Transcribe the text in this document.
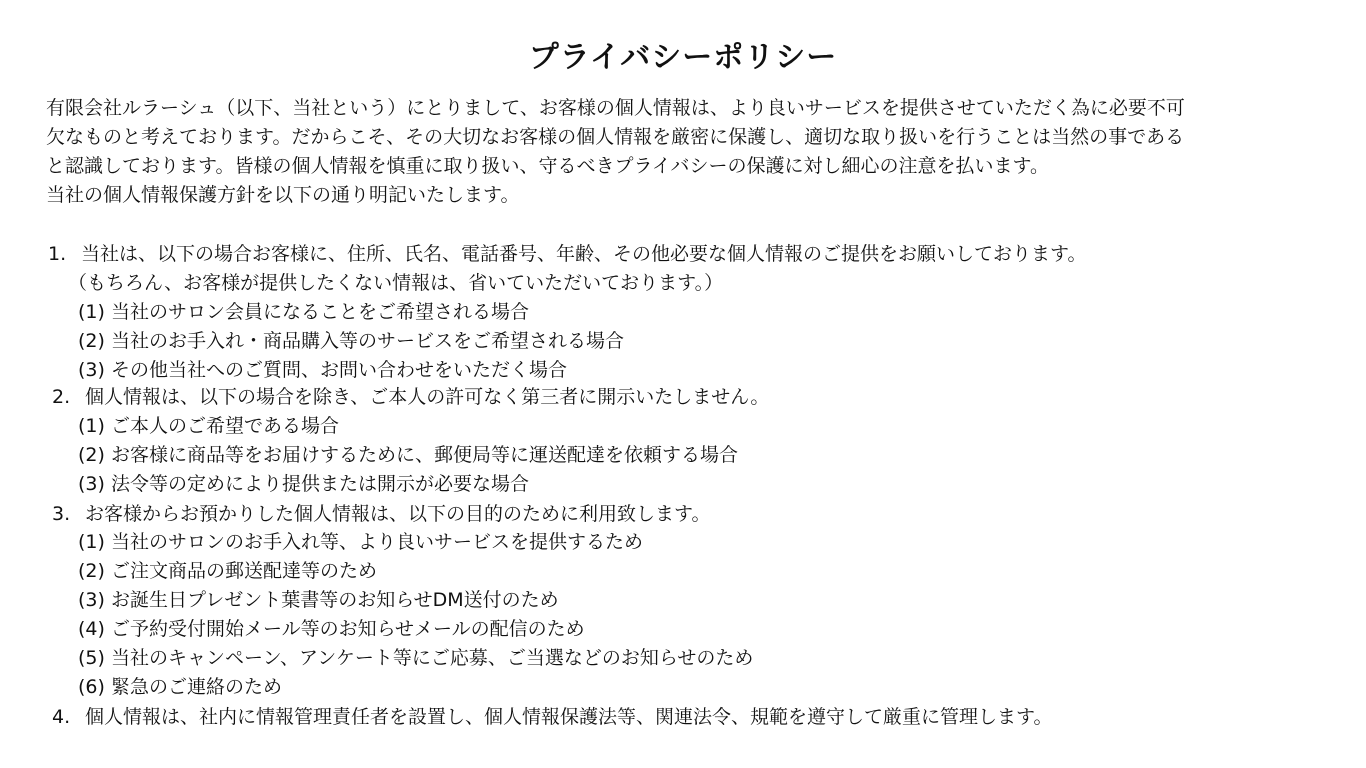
プライバシーポリシー
有限会社ルラーシュ（以下、当社という）にとりまして、お客様の個人情報は、より良いサービスを提供させていただく為に必要不可
欠なものと考えております。だからこそ、その大切なお客様の個人情報を厳密に保護し、適切な取り扱いを行うことは当然の事である
と認識しております。皆様の個人情報を慎重に取り扱い、守るべきプライバシーの保護に対し細心の注意を払います。
当社の個人情報保護方針を以下の通り明記いたします。
1. 当社は、以下の場合お客様に、住所、氏名、電話番号、年齢、その他必要な個人情報のご提供をお願いしております。
（もちろん、お客様が提供したくない情報は、省いていただいております。）
(1) 当社のサロン会員になることをご希望される場合
(2) 当社のお手入れ・商品購入等のサービスをご希望される場合
(3) その他当社へのご質問、お問い合わせをいただく場合
2. 個人情報は、以下の場合を除き、ご本人の許可なく第三者に開示いたしません。
(1) ご本人のご希望である場合
(2) お客様に商品等をお届けするために、郵便局等に運送配達を依頼する場合
(3) 法令等の定めにより提供または開示が必要な場合
3. お客様からお預かりした個人情報は、以下の目的のために利用致します。
(1) 当社のサロンのお手入れ等、より良いサービスを提供するため
(2) ご注文商品の郵送配達等のため
(3) お誕生日プレゼント葉書等のお知らせDM送付のため
(4) ご予約受付開始メール等のお知らせメールの配信のため
(5) 当社のキャンペーン、アンケート等にご応募、ご当選などのお知らせのため
(6) 緊急のご連絡のため
4. 個人情報は、社内に情報管理責任者を設置し、個人情報保護法等、関連法令、規範を遵守して厳重に管理します。
